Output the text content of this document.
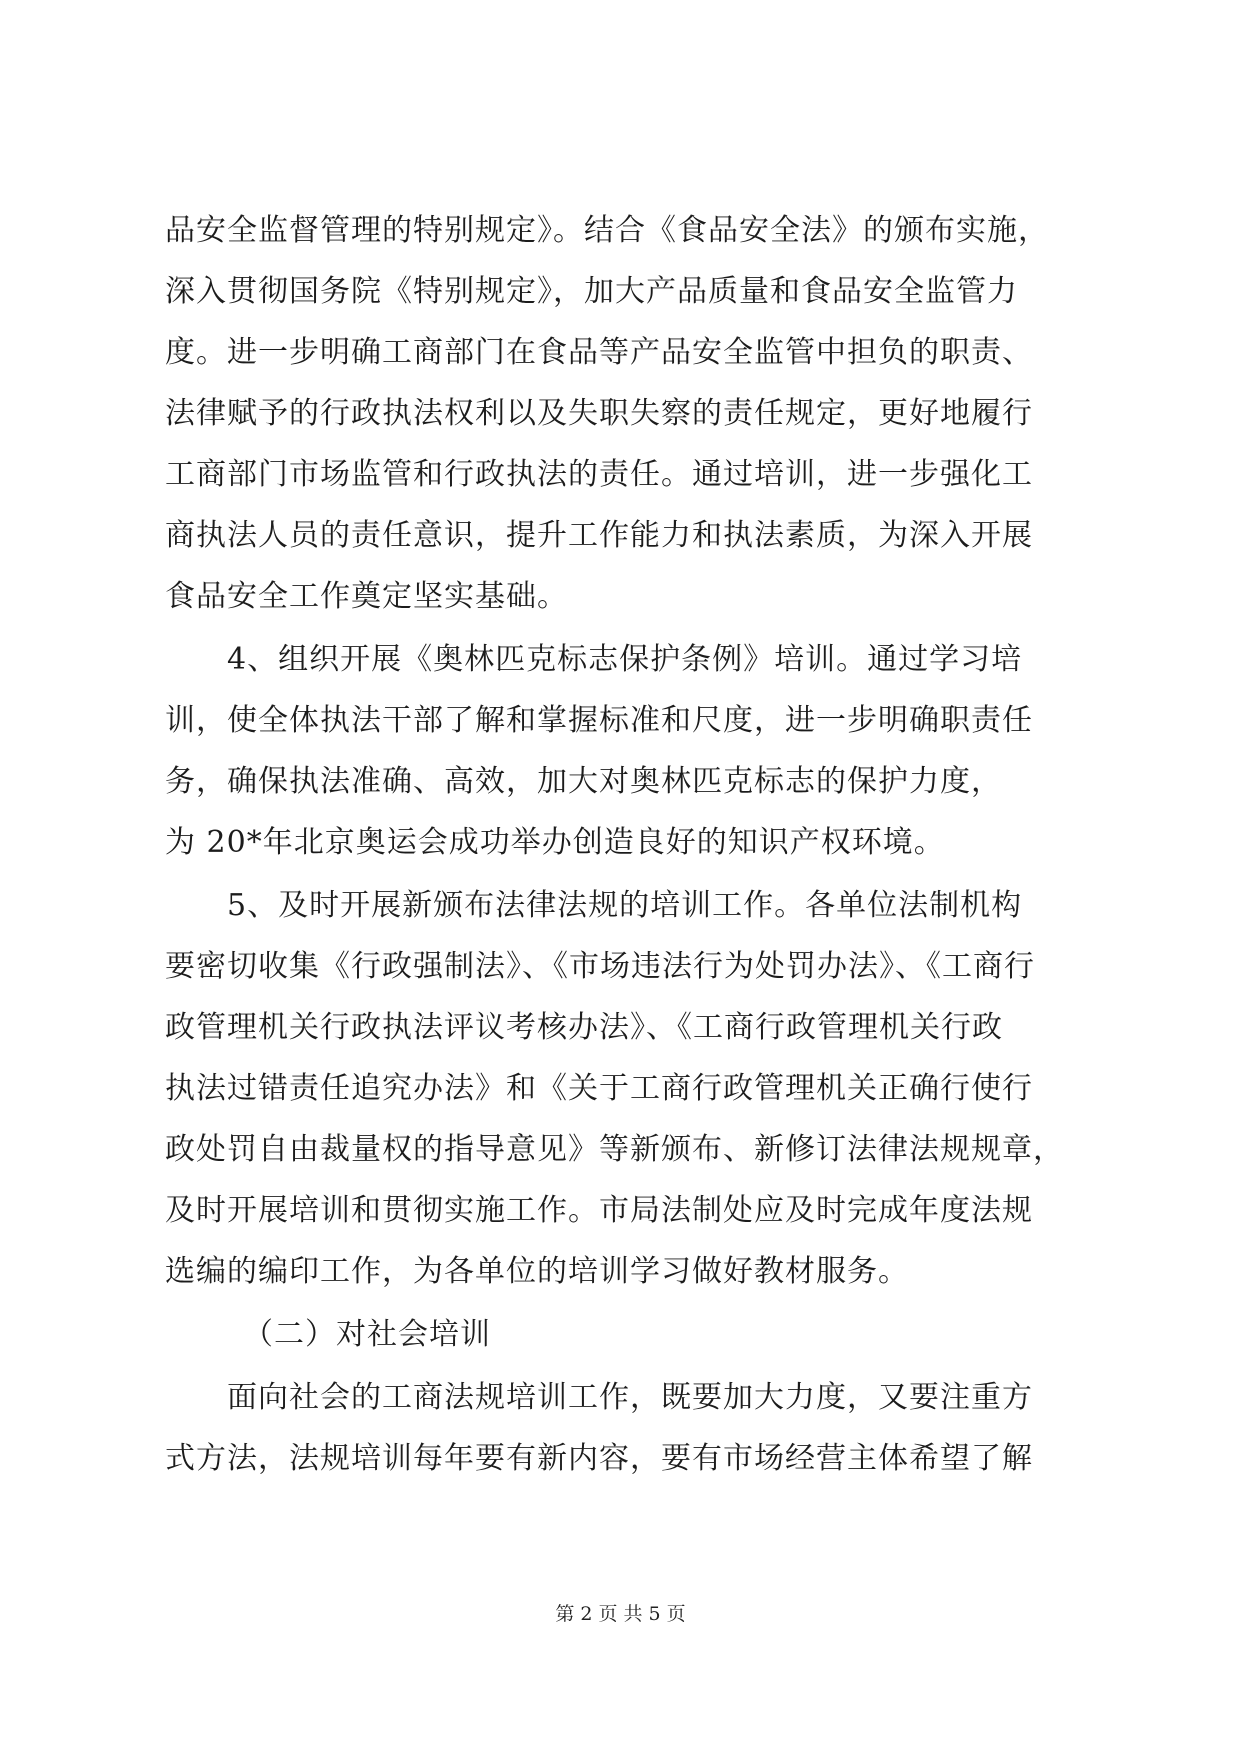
品安全监督管理的特别规定》。结合《食品安全法》的颁布实施，
深入贯彻国务院《特别规定》，加大产品质量和食品安全监管力
度。进一步明确工商部门在食品等产品安全监管中担负的职责、
法律赋予的行政执法权利以及失职失察的责任规定，更好地履行
工商部门市场监管和行政执法的责任。通过培训，进一步强化工
商执法人员的责任意识，提升工作能力和执法素质，为深入开展
食品安全工作奠定坚实基础。
4、组织开展《奥林匹克标志保护条例》培训。通过学习培
训，使全体执法干部了解和掌握标准和尺度，进一步明确职责任
务，确保执法准确、高效，加大对奥林匹克标志的保护力度，
为 20*年北京奥运会成功举办创造良好的知识产权环境。
5、及时开展新颁布法律法规的培训工作。各单位法制机构
要密切收集《行政强制法》、《市场违法行为处罚办法》、《工商行
政管理机关行政执法评议考核办法》、《工商行政管理机关行政
执法过错责任追究办法》和《关于工商行政管理机关正确行使行
政处罚自由裁量权的指导意见》等新颁布、新修订法律法规规章，
及时开展培训和贯彻实施工作。市局法制处应及时完成年度法规
选编的编印工作，为各单位的培训学习做好教材服务。
（二）对社会培训
面向社会的工商法规培训工作，既要加大力度，又要注重方
式方法，法规培训每年要有新内容，要有市场经营主体希望了解
第 2 页 共 5 页
